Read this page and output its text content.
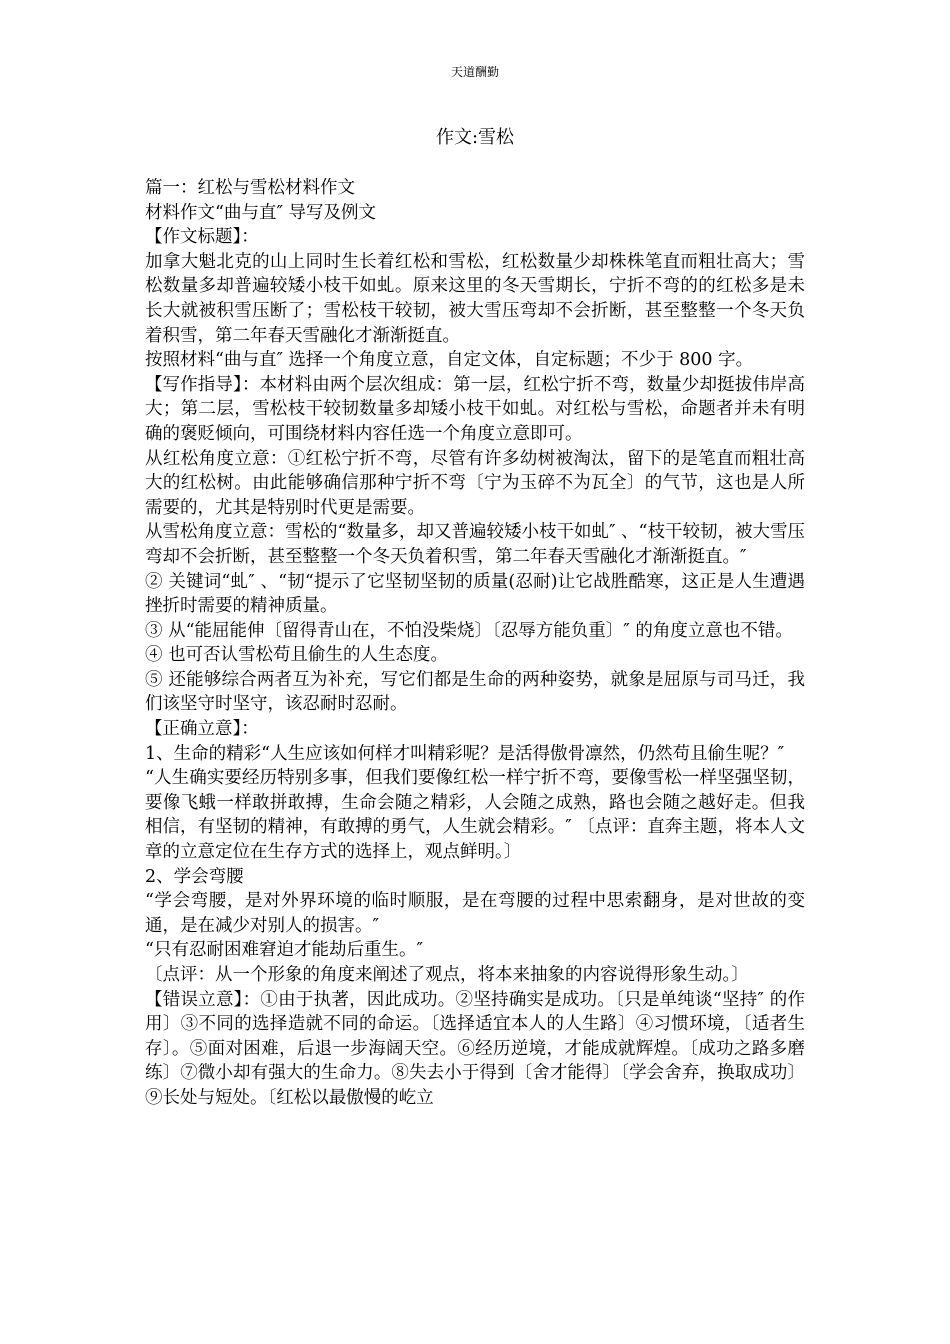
天道酬勤
作文:雪松

篇一：红松与雪松材料作文

材料作文“曲与直″ 导写及例文

【作文标题】：

加拿大魁北克的山上同时生长着红松和雪松，红松数量少却株株笔直而粗壮高大；雪松数量多却普遍较矮小枝干如虬。原来这里的冬天雪期长，宁折不弯的的红松多是未长大就被积雪压断了；雪松枝干较韧，被大雪压弯却不会折断，甚至整整一个冬天负着积雪，第二年春天雪融化才渐渐挺直。

按照材料“曲与直″ 选择一个角度立意，自定文体，自定标题；不少于 800 字。

【写作指导】：本材料由两个层次组成：第一层，红松宁折不弯，数量少却挺拔伟岸高大；第二层，雪松枝干较韧数量多却矮小枝干如虬。对红松与雪松，命题者并未有明确的褒贬倾向，可围绕材料内容任选一个角度立意即可。

从红松角度立意：①红松宁折不弯，尽管有许多幼树被淘汰，留下的是笔直而粗壮高大的红松树。由此能够确信那种宁折不弯〔宁为玉碎不为瓦全〕的气节，这也是人所需要的，尤其是特别时代更是需要。

从雪松角度立意：雪松的“数量多，却又普遍较矮小枝干如虬″ 、“枝干较韧，被大雪压弯却不会折断，甚至整整一个冬天负着积雪，第二年春天雪融化才渐渐挺直。″

② 关键词“虬″ 、“韧“提示了它坚韧坚韧的质量(忍耐)让它战胜酷寒，这正是人生遭遇挫折时需要的精神质量。

③ 从“能屈能伸〔留得青山在，不怕没柴烧〕〔忍辱方能负重〕″ 的角度立意也不错。

④ 也可否认雪松苟且偷生的人生态度。

⑤ 还能够综合两者互为补充，写它们都是生命的两种姿势，就象是屈原与司马迁，我们该坚守时坚守，该忍耐时忍耐。

【正确立意】：

1、生命的精彩“人生应该如何样才叫精彩呢？是活得傲骨凛然，仍然苟且偷生呢？″

“人生确实要经历特别多事，但我们要像红松一样宁折不弯，要像雪松一样坚强坚韧，要像飞蛾一样敢拼敢搏，生命会随之精彩，人会随之成熟，路也会随之越好走。但我相信，有坚韧的精神，有敢搏的勇气，人生就会精彩。″ 〔点评：直奔主题，将本人文章的立意定位在生存方式的选择上，观点鲜明。〕

2、学会弯腰

“学会弯腰，是对外界环境的临时顺服，是在弯腰的过程中思索翻身，是对世故的变通，是在减少对别人的损害。″

“只有忍耐困难窘迫才能劫后重生。″

〔点评：从一个形象的角度来阐述了观点，将本来抽象的内容说得形象生动。〕

【错误立意】：①由于执著，因此成功。②坚持确实是成功。〔只是单纯谈“坚持″ 的作用〕③不同的选择造就不同的命运。〔选择适宜本人的人生路〕④习惯环境，〔适者生存〕。⑤面对困难，后退一步海阔天空。⑥经历逆境，才能成就辉煌。〔成功之路多磨练〕⑦微小却有强大的生命力。⑧失去小于得到〔舍才能得〕〔学会舍弃，换取成功〕⑨长处与短处。〔红松以最傲慢的屹立
